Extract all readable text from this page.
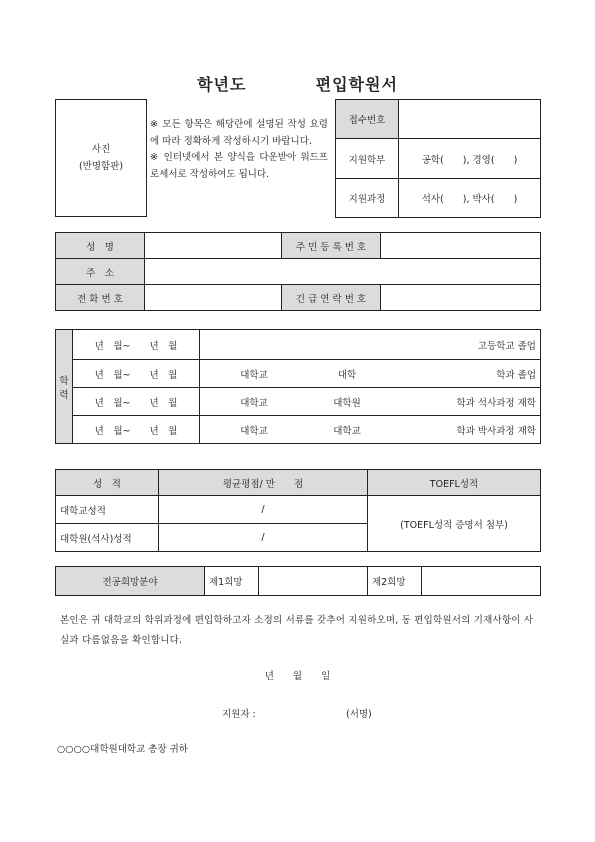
학년도	편입학원서
사진
(반명함판)
※ 모든 항목은 해당란에 설명된 작성 요령에 따라 정확하게 작성하시기 바랍니다.
※ 인터넷에서 본 양식을 다운받아 워드프로세서로 작성하여도 됩니다.
접수번호	
지원학부	공학(　　), 경영(　　)
지원과정	석사(　　), 박사(　　)
성　명		주 민 등 록 번 호	
주　소			
전 화 번 호		긴 급 연 락 번 호	
학력	년　월~　　년　월	고등학교 졸업		
	년　월~　　년　월	대학교	대학	학과 졸업
	년　월~　　년　월	대학교	대학원	학과 석사과정 재학
	년　월~　　년　월	대학교	대학교	학과 박사과정 재학
성　적	평균평점/ 만　　점	TOEFL성적
대학교성적	/	(TOEFL성적 증명서 첨부)
대학원(석사)성적	/	
전공희망분야	제1희망		제2희망	
본인은 귀 대학교의 학위과정에 편입학하고자 소정의 서류를 갖추어 지원하오며, 동 편입학원서의 기재사항이 사실과 다름없음을 확인합니다.
년　　월　　일
지원자 :	(서명)
○○○○대학원대학교 총장 귀하
